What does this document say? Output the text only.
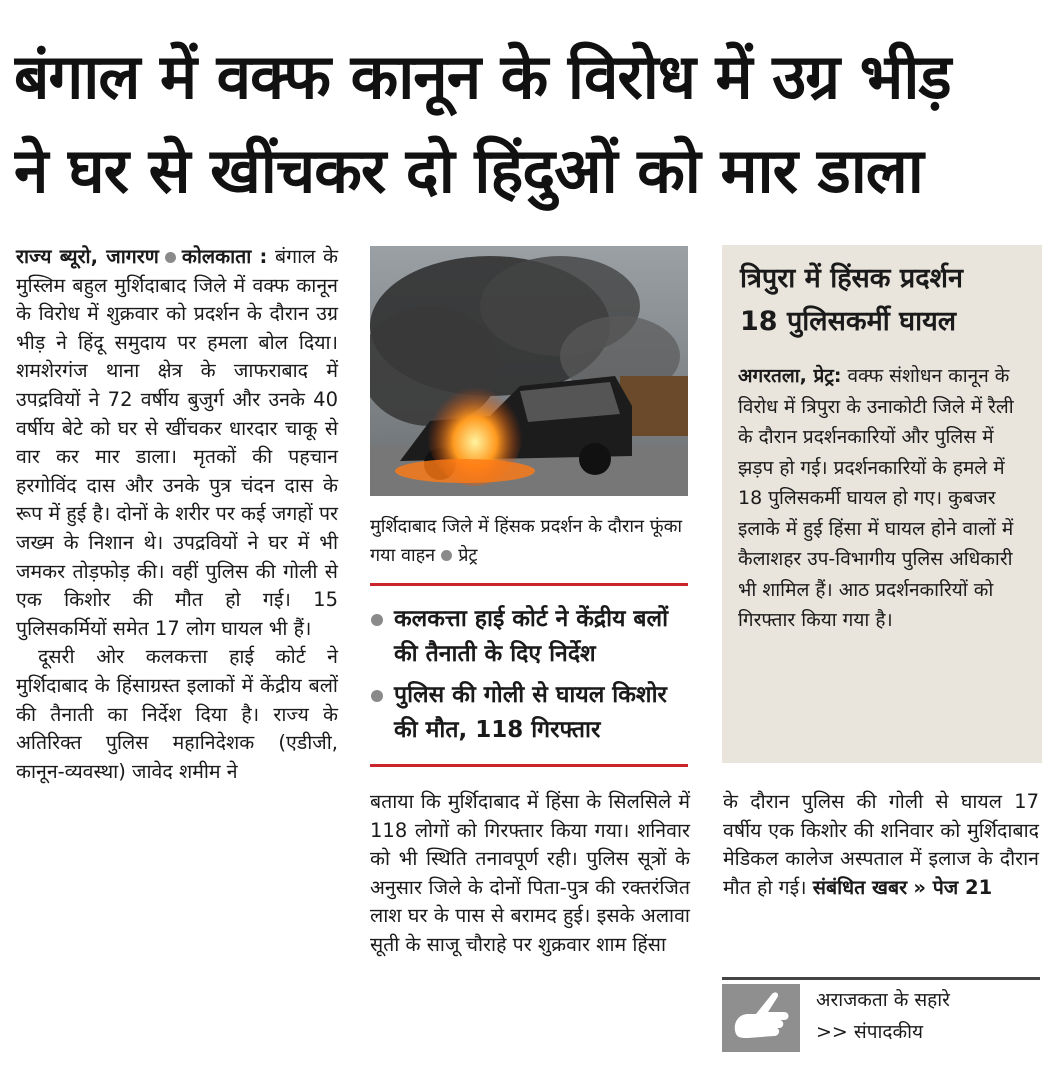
बंगाल में वक्फ कानून के विरोध में उग्र भीड़
ने घर से खींचकर दो हिंदुओं को मार डाला

राज्य ब्यूरो, जागरण कोलकाता : बंगाल के मुस्लिम बहुल मुर्शिदाबाद जिले में वक्फ कानून के विरोध में शुक्रवार को प्रदर्शन के दौरान उग्र भीड़ ने हिंदू समुदाय पर हमला बोल दिया। शमशेरगंज थाना क्षेत्र के जाफराबाद में उपद्रवियों ने 72 वर्षीय बुजुर्ग और उनके 40 वर्षीय बेटे को घर से खींचकर धारदार चाकू से वार कर मार डाला। मृतकों की पहचान हरगोविंद दास और उनके पुत्र चंदन दास के रूप में हुई है। दोनों के शरीर पर कई जगहों पर जख्म के निशान थे। उपद्रवियों ने घर में भी जमकर तोड़फोड़ की। वहीं पुलिस की गोली से एक किशोर की मौत हो गई। 15 पुलिसकर्मियों समेत 17 लोग घायल भी हैं।

दूसरी ओर कलकत्ता हाई कोर्ट ने मुर्शिदाबाद के हिंसाग्रस्त इलाकों में केंद्रीय बलों की तैनाती का निर्देश दिया है। राज्य के अतिरिक्त पुलिस महानिदेशक (एडीजी, कानून-व्यवस्था) जावेद शमीम ने

मुर्शिदाबाद जिले में हिंसक प्रदर्शन के दौरान फूंका गया वाहन प्रेट्र
कलकत्ता हाई कोर्ट ने केंद्रीय बलों की तैनाती के दिए निर्देश
पुलिस की गोली से घायल किशोर की मौत, 118 गिरफ्तार

बताया कि मुर्शिदाबाद में हिंसा के सिलसिले में 118 लोगों को गिरफ्तार किया गया। शनिवार को भी स्थिति तनावपूर्ण रही। पुलिस सूत्रों के अनुसार जिले के दोनों पिता-पुत्र की रक्तरंजित लाश घर के पास से बरामद हुई। इसके अलावा सूती के साजू चौराहे पर शुक्रवार शाम हिंसा

त्रिपुरा में हिंसक प्रदर्शन
18 पुलिसकर्मी घायल
अगरतला, प्रेट्र: वक्फ संशोधन कानून के विरोध में त्रिपुरा के उनाकोटी जिले में रैली के दौरान प्रदर्शनकारियों और पुलिस में झड़प हो गई। प्रदर्शनकारियों के हमले में 18 पुलिसकर्मी घायल हो गए। कुबजर इलाके में हुई हिंसा में घायल होने वालों में कैलाशहर उप-विभागीय पुलिस अधिकारी भी शामिल हैं। आठ प्रदर्शनकारियों को गिरफ्तार किया गया है।

के दौरान पुलिस की गोली से घायल 17 वर्षीय एक किशोर की शनिवार को मुर्शिदाबाद मेडिकल कालेज अस्पताल में इलाज के दौरान मौत हो गई। संबंधित खबर » पेज 21

अराजकता के सहारे
>> संपादकीय
